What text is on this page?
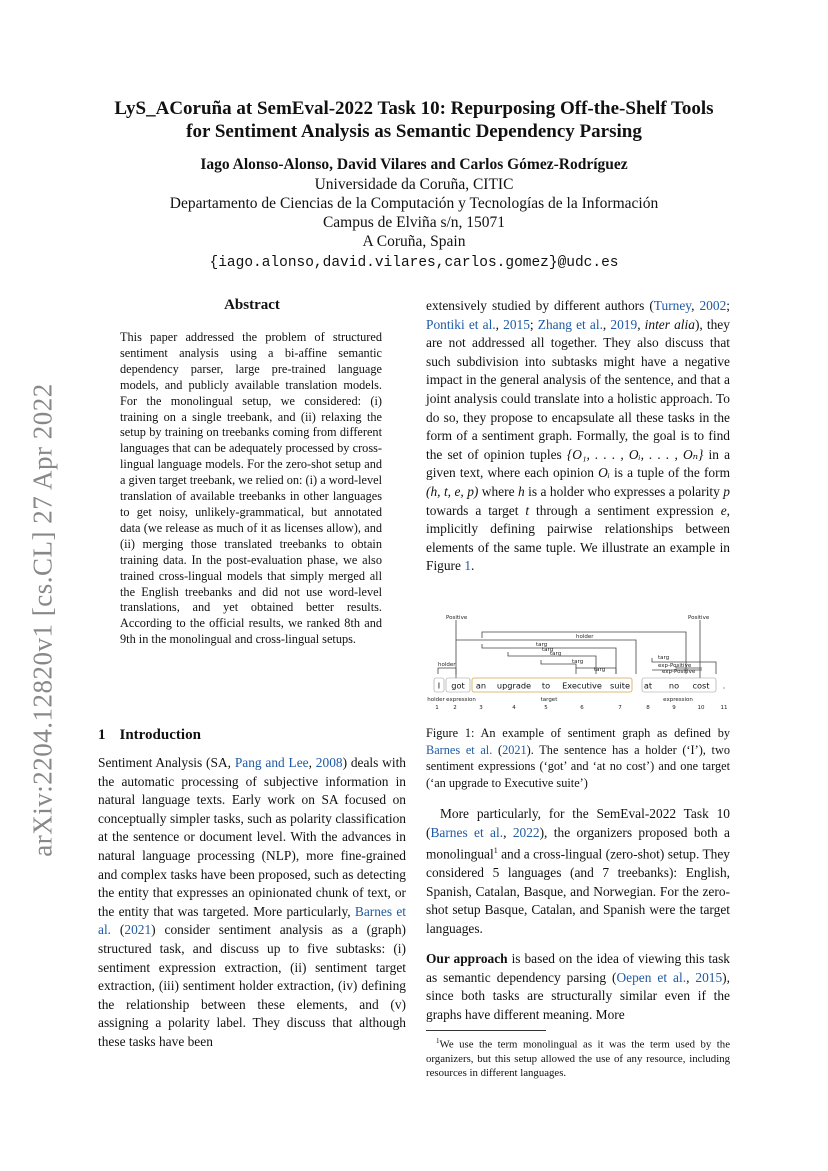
arXiv:2204.12820v1 [cs.CL] 27 Apr 2022
LyS_ACoruña at SemEval-2022 Task 10: Repurposing Off-the-Shelf Tools
for Sentiment Analysis as Semantic Dependency Parsing
Iago Alonso-Alonso, David Vilares and Carlos Gómez-Rodríguez
Universidade da Coruña, CITIC
Departamento de Ciencias de la Computación y Tecnologías de la Información
Campus de Elviña s/n, 15071
A Coruña, Spain
{iago.alonso,david.vilares,carlos.gomez}@udc.es
Abstract

This paper addressed the problem of structured sentiment analysis using a bi-affine semantic dependency parser, large pre-trained language models, and publicly available translation models. For the monolingual setup, we considered: (i) training on a single treebank, and (ii) relaxing the setup by training on treebanks coming from different languages that can be adequately processed by cross-lingual language models. For the zero-shot setup and a given target treebank, we relied on: (i) a word-level translation of available treebanks in other languages to get noisy, unlikely-grammatical, but annotated data (we release as much of it as licenses allow), and (ii) merging those translated treebanks to obtain training data. In the post-evaluation phase, we also trained cross-lingual models that simply merged all the English treebanks and did not use word-level translations, and yet obtained better results. According to the official results, we ranked 8th and 9th in the monolingual and cross-lingual setups.

1 Introduction

Sentiment Analysis (SA, Pang and Lee, 2008) deals with the automatic processing of subjective information in natural language texts. Early work on SA focused on conceptually simpler tasks, such as polarity classification at the sentence or document level. With the advances in natural language processing (NLP), more fine-grained and complex tasks have been proposed, such as detecting the entity that expresses an opinionated chunk of text, or the entity that was targeted. More particularly, Barnes et al. (2021) consider sentiment analysis as a (graph) structured task, and discuss up to five subtasks: (i) sentiment expression extraction, (ii) sentiment target extraction, (iii) sentiment holder extraction, (iv) defining the relationship between these elements, and (v) assigning a polarity label. They discuss that although these tasks have been

extensively studied by different authors (Turney, 2002; Pontiki et al., 2015; Zhang et al., 2019, inter alia), they are not addressed all together. They also discuss that such subdivision into subtasks might have a negative impact in the general analysis of the sentence, and that a joint analysis could translate into a holistic approach. To do so, they propose to encapsulate all these tasks in the form of a sentiment graph. Formally, the goal is to find the set of opinion tuples {O₁, . . . , Oᵢ, . . . , Oₙ} in a given text, where each opinion Oᵢ is a tuple of the form (h, t, e, p) where h is a holder who expresses a polarity p towards a target t through a sentiment expression e, implicitly defining pairwise relationships between elements of the same tuple. We illustrate an example in Figure 1.

Positive	Positive
holder
targ
targ
targ
targ
targ
holder
targ
exp-Positive
exp-Positive
I got an upgrade to Executive suite at no cost .
holder expression	target	expression
1	2	3	4	5	6	7	8	9	10	11

Figure 1: An example of sentiment graph as defined by Barnes et al. (2021). The sentence has a holder (‘I’), two sentiment expressions (‘got’ and ‘at no cost’) and one target (‘an upgrade to Executive suite’)

More particularly, for the SemEval-2022 Task 10 (Barnes et al., 2022), the organizers proposed both a monolingual$^1$ and a cross-lingual (zero-shot) setup. They considered 5 languages (and 7 treebanks): English, Spanish, Catalan, Basque, and Norwegian. For the zero-shot setup Basque, Catalan, and Spanish were the target languages.

Our approach is based on the idea of viewing this task as semantic dependency parsing (Oepen et al., 2015), since both tasks are structurally similar even if the graphs have different meaning. More

$^1$We use the term monolingual as it was the term used by the organizers, but this setup allowed the use of any resource, including resources in different languages.
